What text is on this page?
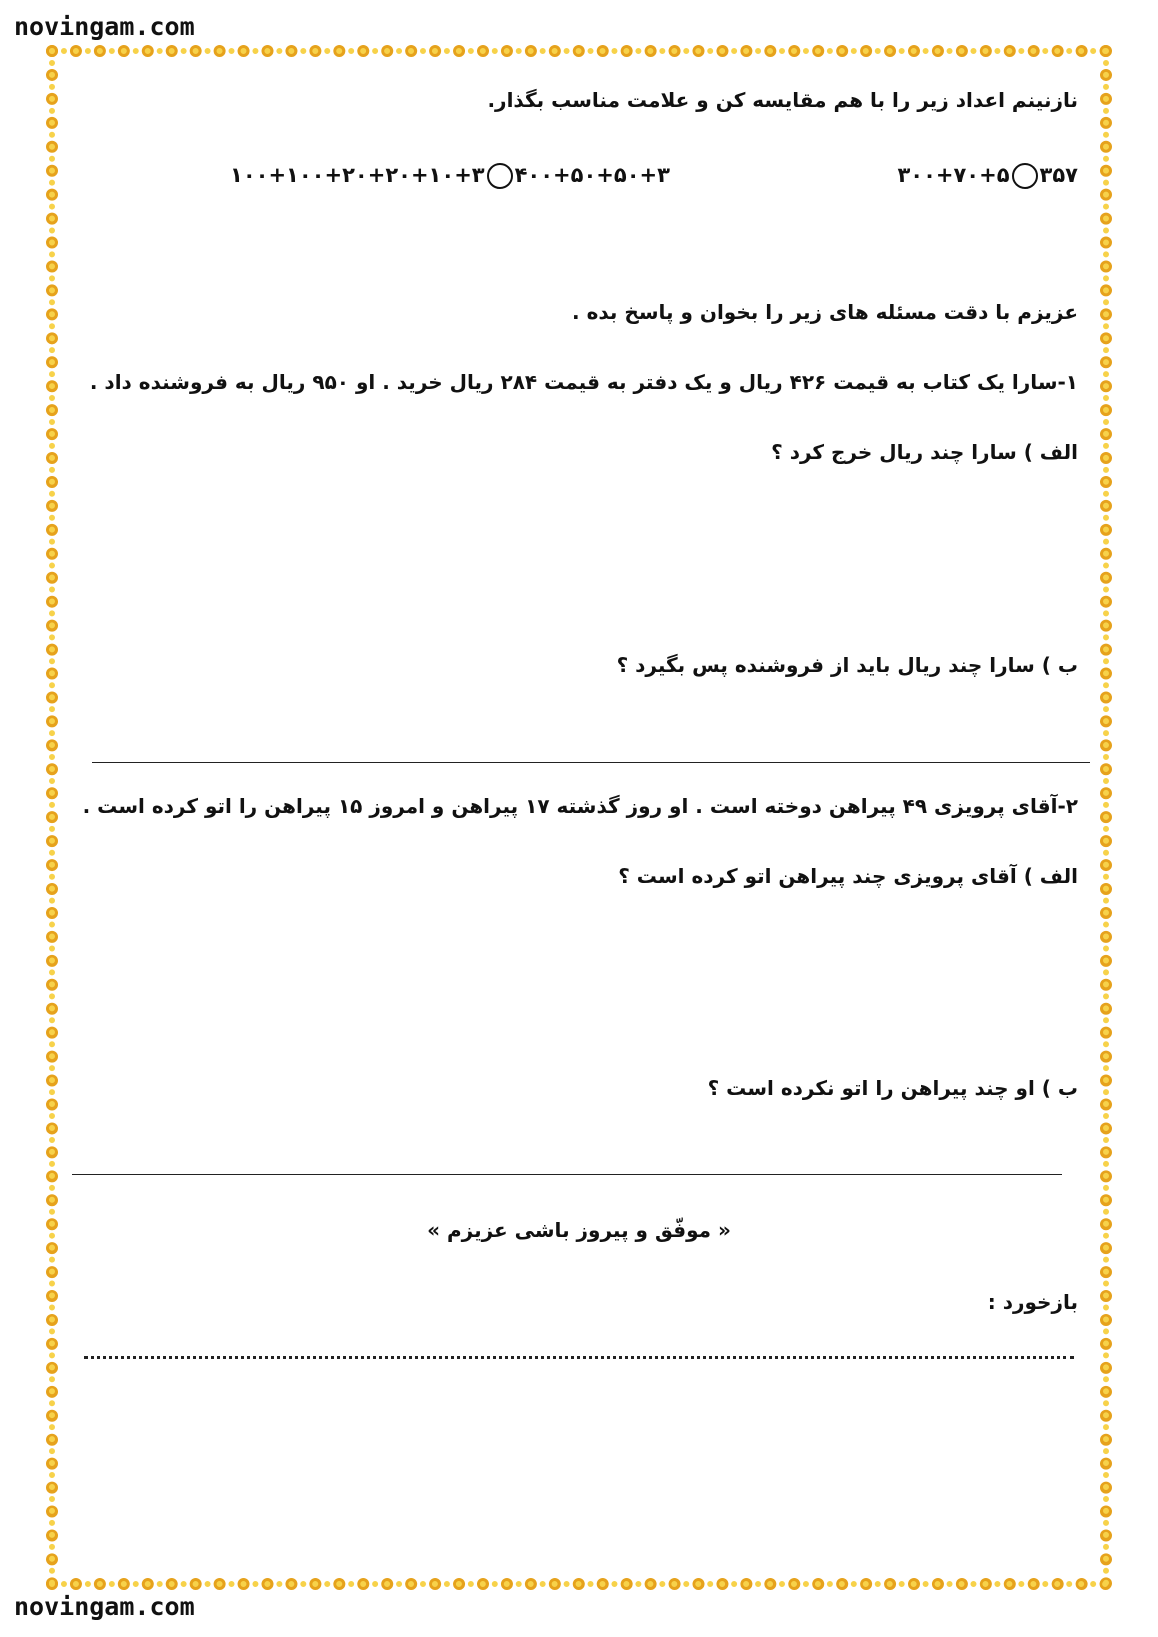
novingam.com
نازنینم اعداد زیر را با هم مقایسه کن و علامت مناسب بگذار.
۳۵۷۳۰۰+۷۰+۵
۴۰۰+۵۰+۵۰+۳۱۰۰+۱۰۰+۲۰+۲۰+۱۰+۳
عزیزم با دقت مسئله های زیر را بخوان و پاسخ بده .
۱-سارا یک کتاب به قیمت ۴۲۶ ریال و یک دفتر به قیمت ۲۸۴ ریال خرید . او ۹۵۰ ریال به فروشنده داد .
الف ) سارا چند ریال خرج کرد ؟
ب ) سارا چند ریال باید از فروشنده پس بگیرد ؟
۲-آقای پرویزی ۴۹ پیراهن دوخته است . او روز گذشته ۱۷ پیراهن و امروز ۱۵ پیراهن را اتو کرده است .
الف ) آقای پرویزی چند پیراهن اتو کرده است ؟
ب ) او چند پیراهن را اتو نکرده است ؟
« موفّق و پیروز باشی عزیزم »
بازخورد :
novingam.com
